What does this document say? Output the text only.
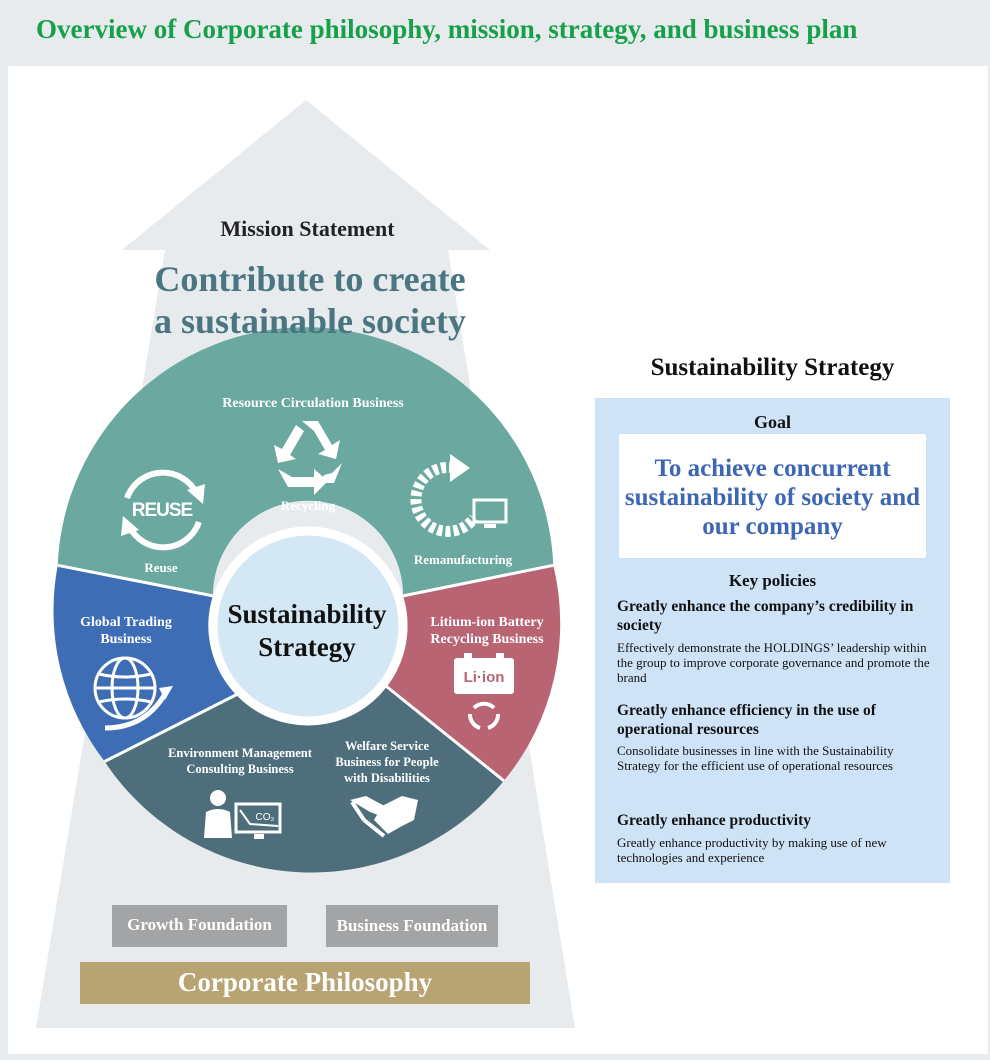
Overview of Corporate philosophy, mission, strategy, and business plan
Mission Statement
Contribute to create
a sustainable society
Resource Circulation Business
Recycling
REUSE
Reuse
Remanufacturing
Global Trading
Business
Litium-ion Battery
Recycling Business
Li·ion
Environment Management
Consulting Business
CO₂
Welfare Service
Business for People
with Disabilities
Sustainability
Strategy
Growth Foundation	Business Foundation
Corporate Philosophy
Sustainability Strategy
Goal
To achieve concurrent sustainability of society and our company
Key policies
Greatly enhance the company’s credibility in society
Effectively demonstrate the HOLDINGS’ leadership within the group to improve corporate governance and promote the brand
Greatly enhance efficiency in the use of operational resources
Consolidate businesses in line with the Sustainability Strategy for the efficient use of operational resources
Greatly enhance productivity
Greatly enhance productivity by making use of new technologies and experience
